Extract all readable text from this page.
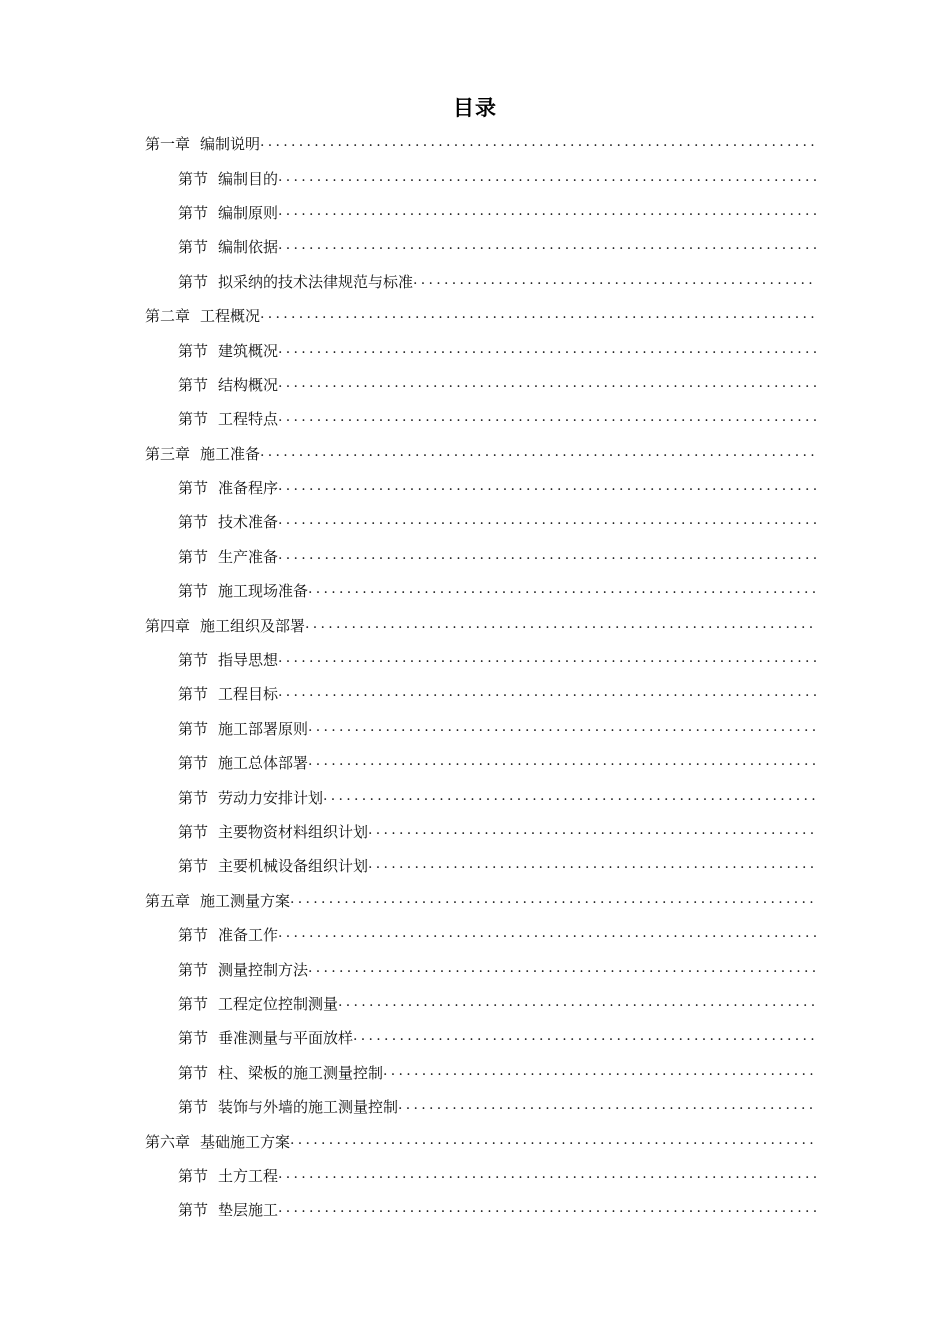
目录
第一章 编制说明
.....
第节 编制目的
.....
第节 编制原则
.....
第节 编制依据
.....
第节 拟采纳的技术法律规范与标准
.....
第二章 工程概况
.....
第节 建筑概况
.....
第节 结构概况
.....
第节 工程特点
.....
第三章 施工准备
.....
第节 准备程序
.....
第节 技术准备
.....
第节 生产准备
.....
第节 施工现场准备
.....
第四章 施工组织及部署
.....
第节 指导思想
.....
第节 工程目标
.....
第节 施工部署原则
.....
第节 施工总体部署
.....
第节 劳动力安排计划
.....
第节 主要物资材料组织计划
.....
第节 主要机械设备组织计划
.....
第五章 施工测量方案
.....
第节 准备工作
.....
第节 测量控制方法
.....
第节 工程定位控制测量
.....
第节 垂准测量与平面放样
.....
第节 柱、梁板的施工测量控制
.....
第节 装饰与外墙的施工测量控制
.....
第六章 基础施工方案
.....
第节 土方工程
.....
第节 垫层施工
.....
